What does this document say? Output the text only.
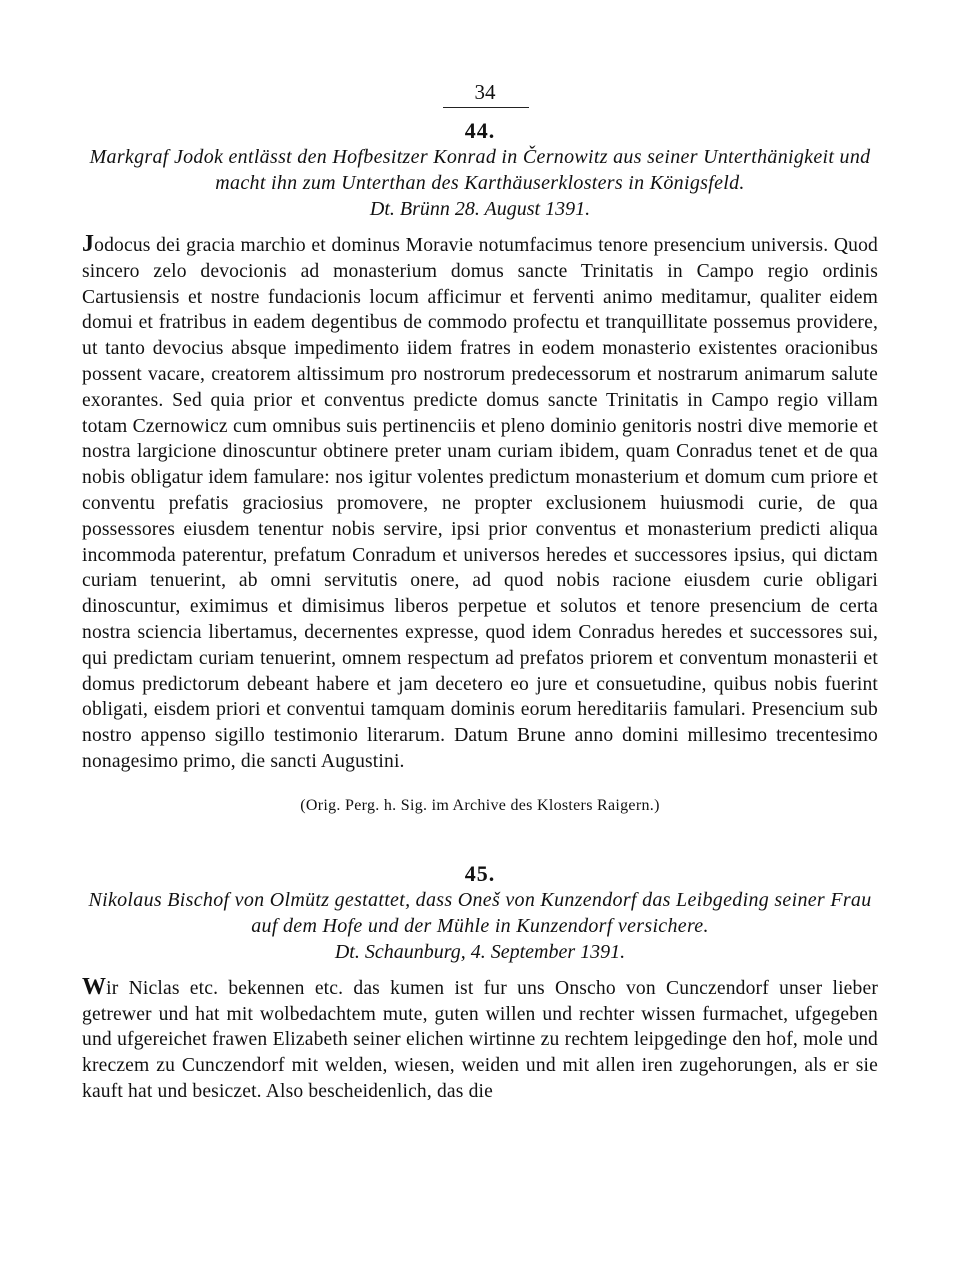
34
44.
Markgraf Jodok entlässt den Hofbesitzer Konrad in Černowitz aus seiner Unterthänigkeit und macht ihn zum Unterthan des Karthäuserklosters in Königsfeld.
Dt. Brünn 28. August 1391.

Jodocus dei gracia marchio et dominus Moravie notumfacimus tenore presencium universis. Quod sincero zelo devocionis ad monasterium domus sancte Trinitatis in Campo regio ordinis Cartusiensis et nostre fundacionis locum afficimur et ferventi animo meditamur, qualiter eidem domui et fratribus in eadem degentibus de commodo profectu et tranquillitate possemus providere, ut tanto devocius absque impedimento iidem fratres in eodem monasterio existentes oracionibus possent vacare, creatorem altissimum pro nostrorum predecessorum et nostrarum animarum salute exorantes. Sed quia prior et conventus predicte domus sancte Trinitatis in Campo regio villam totam Czernowicz cum omnibus suis pertinenciis et pleno dominio genitoris nostri dive memorie et nostra largicione dinoscuntur obtinere preter unam curiam ibidem, quam Conradus tenet et de qua nobis obligatur idem famulare: nos igitur volentes predictum monasterium et domum cum priore et conventu prefatis graciosius promovere, ne propter exclusionem huiusmodi curie, de qua possessores eiusdem tenentur nobis servire, ipsi prior conventus et monasterium predicti aliqua incommoda paterentur, prefatum Conradum et universos heredes et successores ipsius, qui dictam curiam tenuerint, ab omni servitutis onere, ad quod nobis racione eiusdem curie obligari dinoscuntur, eximimus et dimisimus liberos perpetue et solutos et tenore presencium de certa nostra sciencia libertamus, decernentes expresse, quod idem Conradus heredes et successores sui, qui predictam curiam tenuerint, omnem respectum ad prefatos priorem et conventum monasterii et domus predictorum debeant habere et jam decetero eo jure et consuetudine, quibus nobis fuerint obligati, eisdem priori et conventui tamquam dominis eorum hereditariis famulari. Presencium sub nostro appenso sigillo testimonio literarum. Datum Brune anno domini millesimo trecentesimo nonagesimo primo, die sancti Augustini.

(Orig. Perg. h. Sig. im Archive des Klosters Raigern.)
45.
Nikolaus Bischof von Olmütz gestattet, dass Oneš von Kunzendorf das Leibgeding seiner Frau auf dem Hofe und der Mühle in Kunzendorf versichere.
Dt. Schaunburg, 4. September 1391.

Wir Niclas etc. bekennen etc. das kumen ist fur uns Onscho von Cunczendorf unser lieber getrewer und hat mit wolbedachtem mute, guten willen und rechter wissen furmachet, ufgegeben und ufgereichet frawen Elizabeth seiner elichen wirtinne zu rechtem leipgedinge den hof, mole und kreczem zu Cunczendorf mit welden, wiesen, weiden und mit allen iren zugehorungen, als er sie kauft hat und besiczet. Also bescheidenlich, das die
